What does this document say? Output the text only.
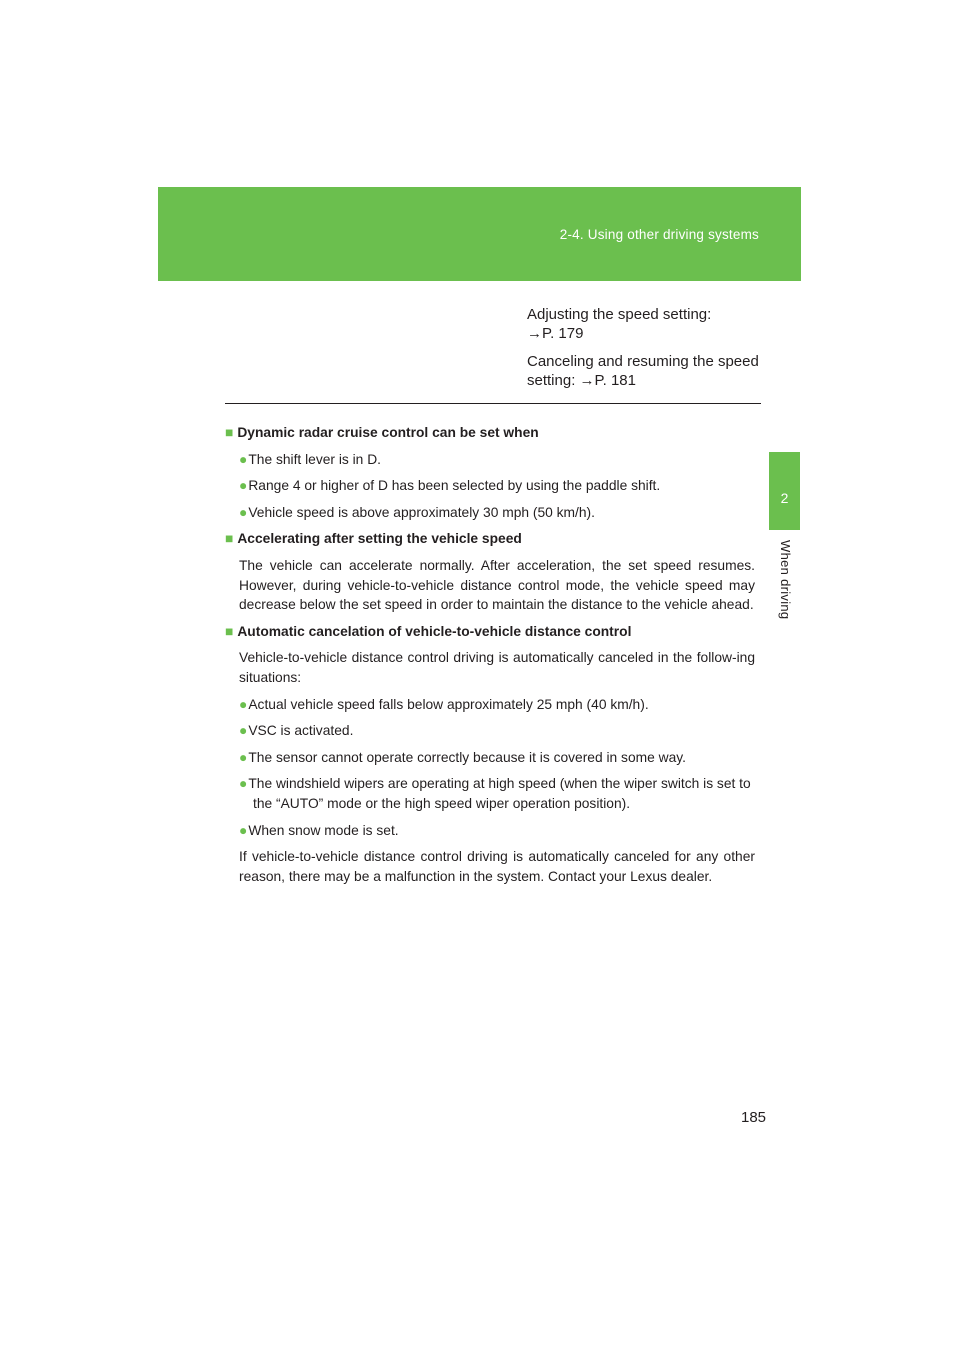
2-4. Using other driving systems
2
When driving
Adjusting the speed setting:
→P. 179
Canceling and resuming the speed setting: →P. 181
■ Dynamic radar cruise control can be set when
●The shift lever is in D.
●Range 4 or higher of D has been selected by using the paddle shift.
●Vehicle speed is above approximately 30 mph (50 km/h).
■ Accelerating after setting the vehicle speed
The vehicle can accelerate normally. After acceleration, the set speed resumes. However, during vehicle-to-vehicle distance control mode, the vehicle speed may decrease below the set speed in order to maintain the distance to the vehicle ahead.
■ Automatic cancelation of vehicle-to-vehicle distance control
Vehicle-to-vehicle distance control driving is automatically canceled in the follow-ing situations:
●Actual vehicle speed falls below approximately 25 mph (40 km/h).
●VSC is activated.
●The sensor cannot operate correctly because it is covered in some way.
●The windshield wipers are operating at high speed (when the wiper switch is set to the “AUTO” mode or the high speed wiper operation position).
●When snow mode is set.
If vehicle-to-vehicle distance control driving is automatically canceled for any other reason, there may be a malfunction in the system. Contact your Lexus dealer.
185
